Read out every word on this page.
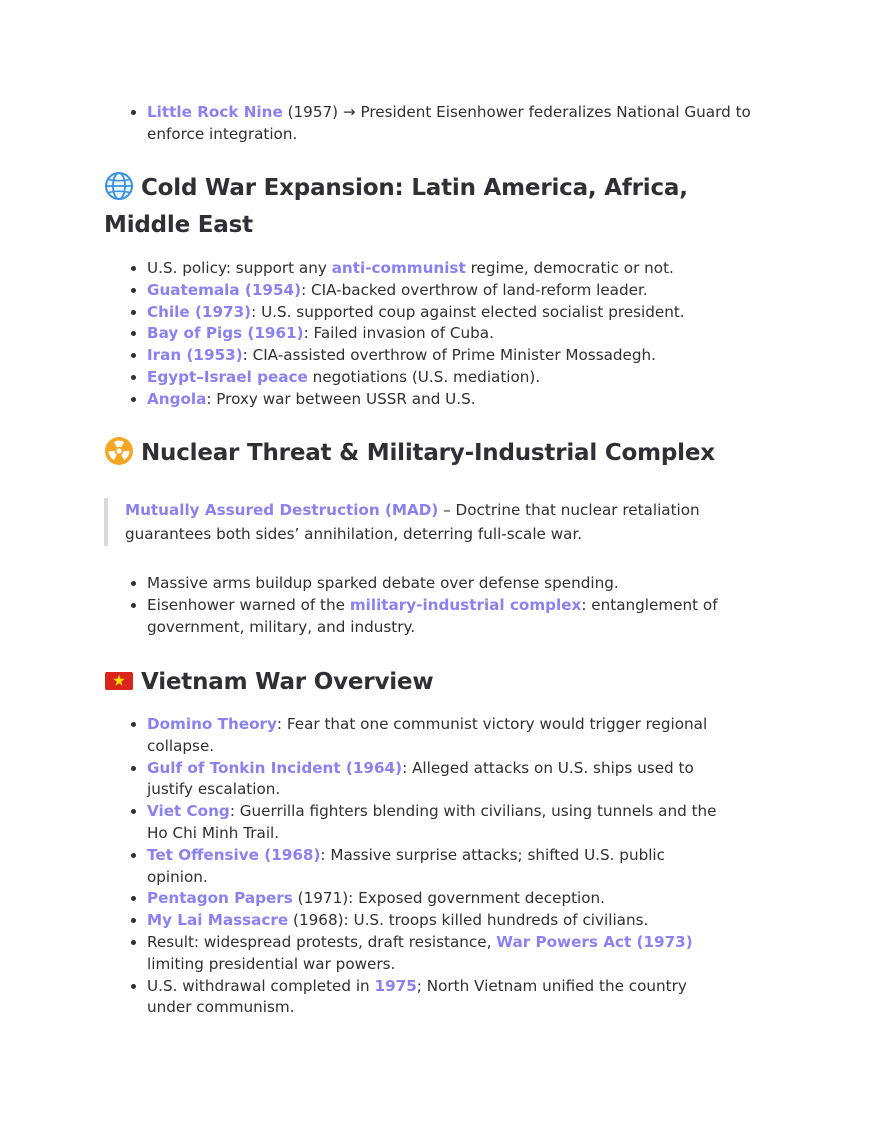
• Little Rock Nine (1957) → President Eisenhower federalizes National Guard to enforce integration.
Cold War Expansion: Latin America, Africa, Middle East
• U.S. policy: support any anti-communist regime, democratic or not.
• Guatemala (1954): CIA-backed overthrow of land-reform leader.
• Chile (1973): U.S. supported coup against elected socialist president.
• Bay of Pigs (1961): Failed invasion of Cuba.
• Iran (1953): CIA-assisted overthrow of Prime Minister Mossadegh.
• Egypt–Israel peace negotiations (U.S. mediation).
• Angola: Proxy war between USSR and U.S.
Nuclear Threat & Military-Industrial Complex
Mutually Assured Destruction (MAD) – Doctrine that nuclear retaliation guarantees both sides’ annihilation, deterring full-scale war.
• Massive arms buildup sparked debate over defense spending.
• Eisenhower warned of the military-industrial complex: entanglement of government, military, and industry.
Vietnam War Overview
• Domino Theory: Fear that one communist victory would trigger regional collapse.
• Gulf of Tonkin Incident (1964): Alleged attacks on U.S. ships used to justify escalation.
• Viet Cong: Guerrilla fighters blending with civilians, using tunnels and the Ho Chi Minh Trail.
• Tet Offensive (1968): Massive surprise attacks; shifted U.S. public opinion.
• Pentagon Papers (1971): Exposed government deception.
• My Lai Massacre (1968): U.S. troops killed hundreds of civilians.
• Result: widespread protests, draft resistance, War Powers Act (1973) limiting presidential war powers.
• U.S. withdrawal completed in 1975; North Vietnam unified the country under communism.
